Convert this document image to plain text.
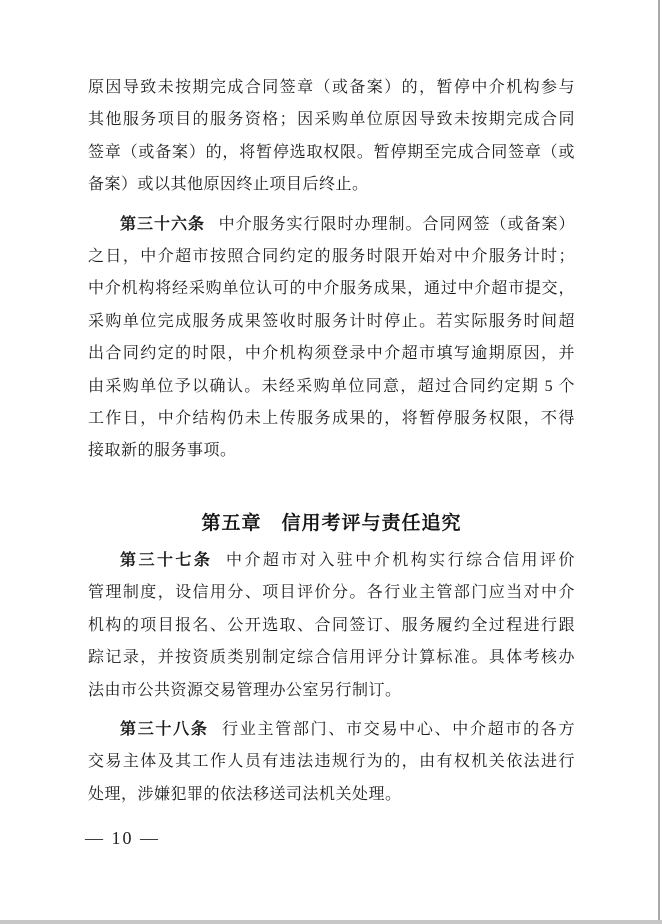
原因导致未按期完成合同签章（或备案）的，暂停中介机构参与
其他服务项目的服务资格；因采购单位原因导致未按期完成合同
签章（或备案）的，将暂停选取权限。暂停期至完成合同签章（或
备案）或以其他原因终止项目后终止。

第三十六条 中介服务实行限时办理制。合同网签（或备案）
之日，中介超市按照合同约定的服务时限开始对中介服务计时；
中介机构将经采购单位认可的中介服务成果，通过中介超市提交，
采购单位完成服务成果签收时服务计时停止。若实际服务时间超
出合同约定的时限，中介机构须登录中介超市填写逾期原因，并
由采购单位予以确认。未经采购单位同意，超过合同约定期 5 个
工作日，中介结构仍未上传服务成果的，将暂停服务权限，不得
接取新的服务事项。

第五章　信用考评与责任追究

第三十七条 中介超市对入驻中介机构实行综合信用评价
管理制度，设信用分、项目评价分。各行业主管部门应当对中介
机构的项目报名、公开选取、合同签订、服务履约全过程进行跟
踪记录，并按资质类别制定综合信用评分计算标准。具体考核办
法由市公共资源交易管理办公室另行制订。

第三十八条 行业主管部门、市交易中心、中介超市的各方
交易主体及其工作人员有违法违规行为的，由有权机关依法进行
处理，涉嫌犯罪的依法移送司法机关处理。

— 10 —
